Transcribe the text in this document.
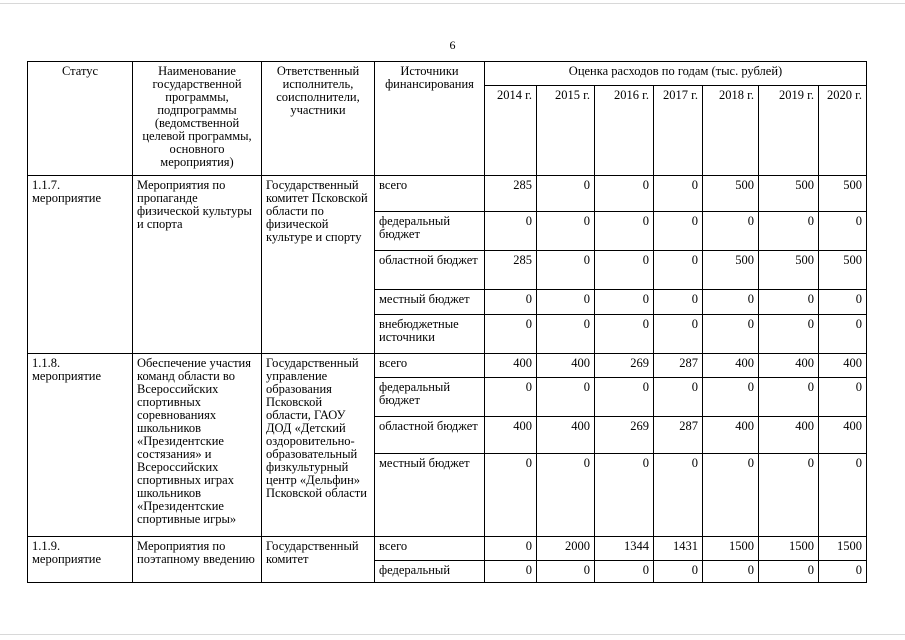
6
Статус	Наименование государственной программы, подпрограммы (ведомственной целевой программы, основного мероприятия)	Ответственный исполнитель, соисполнители, участники	Источники финансирования	Оценка расходов по годам (тыс. рублей)						
				2014 г.	2015 г.	2016 г.	2017 г.	2018 г.	2019 г.	2020 г.
1.1.7. мероприятие	Мероприятия по пропаганде физической культуры и спорта	Государственный комитет Псковской области по физической культуре и спорту	всего	285	0	0	0	500	500	500
			федеральный бюджет	0	0	0	0	0	0	0
			областной бюджет	285	0	0	0	500	500	500
			местный бюджет	0	0	0	0	0	0	0
			внебюджетные источники	0	0	0	0	0	0	0
1.1.8. мероприятие	Обеспечение участия команд области во Всероссийских спортивных соревнованиях школьников «Президентские состязания» и Всероссийских спортивных играх школьников «Президентские спортивные игры»	Государственный управление образования Псковской области, ГАОУ ДОД «Детский оздоровительно-образовательный физкультурный центр «Дельфин» Псковской области	всего	400	400	269	287	400	400	400
			федеральный бюджет	0	0	0	0	0	0	0
			областной бюджет	400	400	269	287	400	400	400
			местный бюджет	0	0	0	0	0	0	0
1.1.9. мероприятие	Мероприятия по поэтапному введению	Государственный комитет	всего	0	2000	1344	1431	1500	1500	1500
			федеральный	0	0	0	0	0	0	0
